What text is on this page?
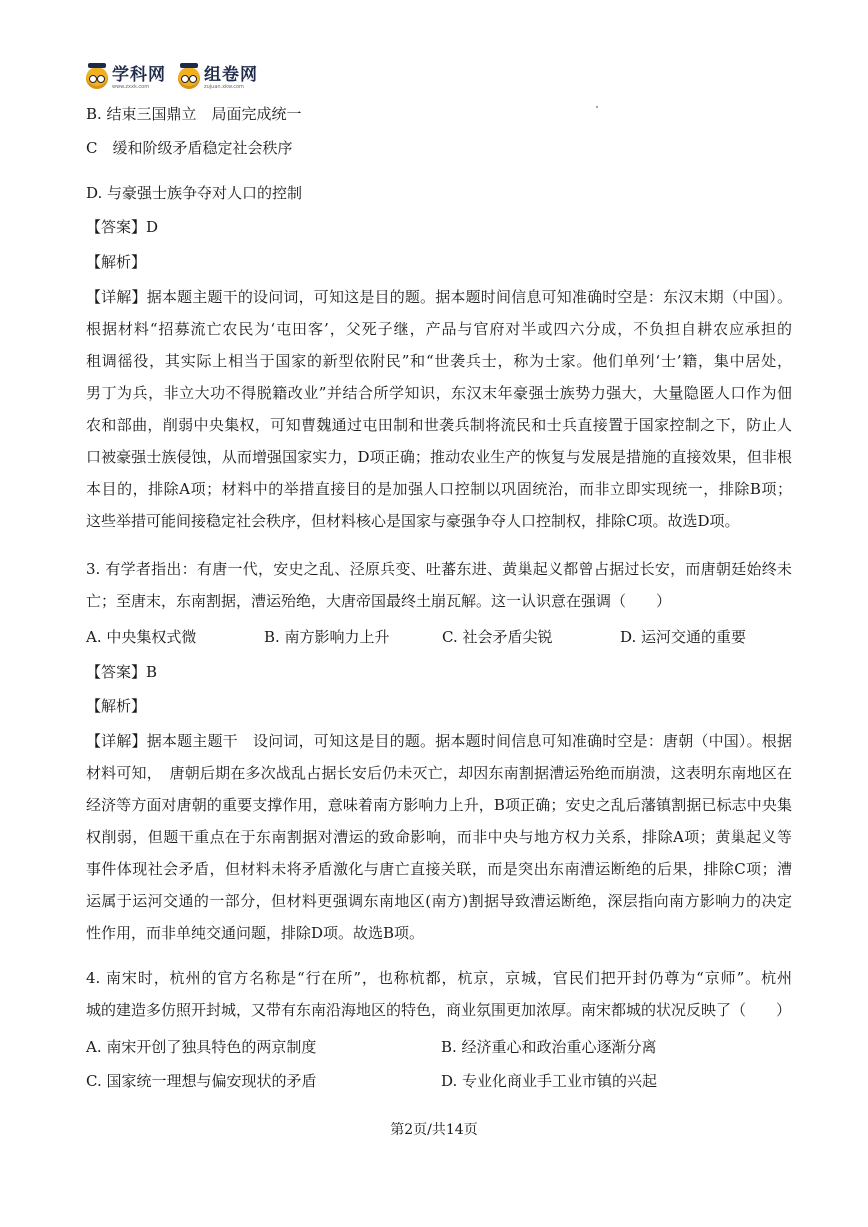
学科网
www.zxxk.com
组卷网
zujuan.xkw.com
B. 结束三国鼎立　局面完成统一
C　缓和阶级矛盾稳定社会秩序
D. 与豪强士族争夺对人口的控制
【答案】D
【解析】
【详解】据本题主题干的设问词，可知这是目的题。据本题时间信息可知准确时空是：东汉末期（中国）。
根据材料“招募流亡农民为‘屯田客’，父死子继，产品与官府对半或四六分成，不负担自耕农应承担的
租调徭役，其实际上相当于国家的新型依附民”和“世袭兵士，称为士家。他们单列‘士’籍，集中居处，
男丁为兵，非立大功不得脱籍改业”并结合所学知识，东汉末年豪强士族势力强大，大量隐匿人口作为佃
农和部曲，削弱中央集权，可知曹魏通过屯田制和世袭兵制将流民和士兵直接置于国家控制之下，防止人
口被豪强士族侵蚀，从而增强国家实力，D项正确；推动农业生产的恢复与发展是措施的直接效果，但非根
本目的，排除A项；材料中的举措直接目的是加强人口控制以巩固统治，而非立即实现统一，排除B项；
这些举措可能间接稳定社会秩序，但材料核心是国家与豪强争夺人口控制权，排除C项。故选D项。
3. 有学者指出：有唐一代，安史之乱、泾原兵变、吐蕃东进、黄巢起义都曾占据过长安，而唐朝廷始终未
亡；至唐末，东南割据，漕运殆绝，大唐帝国最终土崩瓦解。这一认识意在强调（　　）
A. 中央集权式微	B. 南方影响力上升	C. 社会矛盾尖锐	D. 运河交通的重要
【答案】B
【解析】
【详解】据本题主题干　设问词，可知这是目的题。据本题时间信息可知准确时空是：唐朝（中国）。根据
材料可知，　唐朝后期在多次战乱占据长安后仍未灭亡，却因东南割据漕运殆绝而崩溃，这表明东南地区在
经济等方面对唐朝的重要支撑作用，意味着南方影响力上升，B项正确；安史之乱后藩镇割据已标志中央集
权削弱，但题干重点在于东南割据对漕运的致命影响，而非中央与地方权力关系，排除A项；黄巢起义等
事件体现社会矛盾，但材料未将矛盾激化与唐亡直接关联，而是突出东南漕运断绝的后果，排除C项；漕
运属于运河交通的一部分，但材料更强调东南地区(南方)割据导致漕运断绝，深层指向南方影响力的决定
性作用，而非单纯交通问题，排除D项。故选B项。
4. 南宋时，杭州的官方名称是“行在所”，也称杭都，杭京，京城，官民们把开封仍尊为“京师”。杭州
城的建造多仿照开封城，又带有东南沿海地区的特色，商业氛围更加浓厚。南宋都城的状况反映了（　　）
A. 南宋开创了独具特色的两京制度	B. 经济重心和政治重心逐渐分离
C. 国家统一理想与偏安现状的矛盾	D. 专业化商业手工业市镇的兴起
第2页/共14页
